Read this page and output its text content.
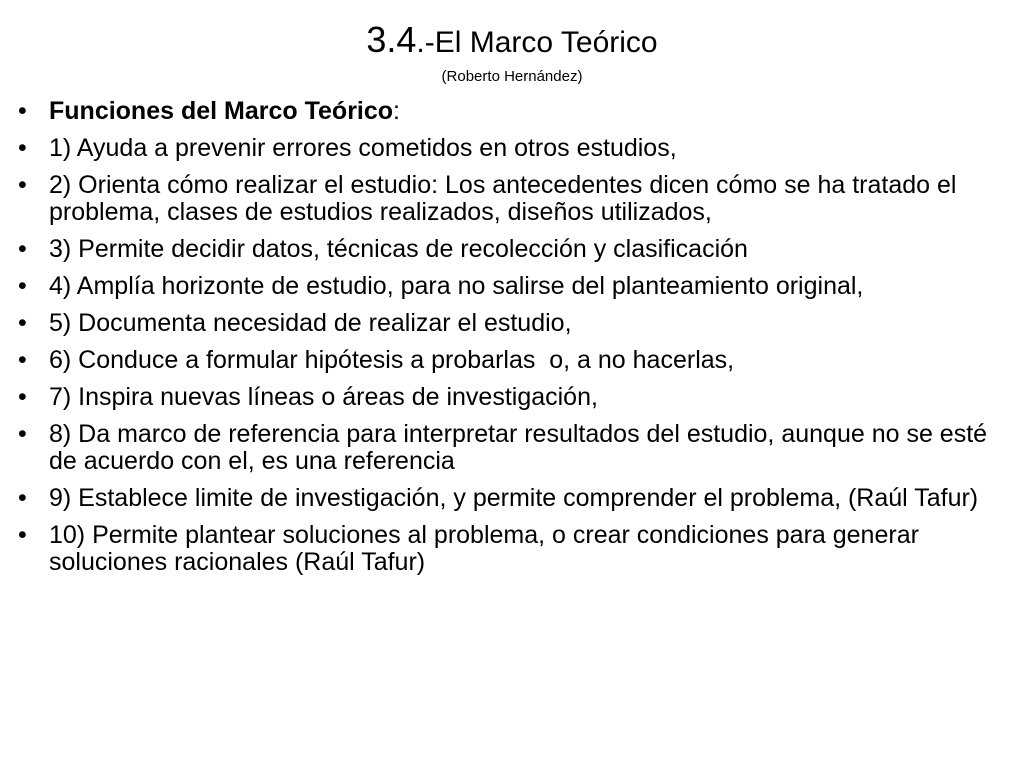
3.4.-El Marco Teórico
(Roberto Hernández)
• Funciones del Marco Teórico:
• 1) Ayuda a prevenir errores cometidos en otros estudios,
• 2) Orienta cómo realizar el estudio: Los antecedentes dicen cómo se ha tratado el problema, clases de estudios realizados, diseños utilizados,
• 3) Permite decidir datos, técnicas de recolección y clasificación
• 4) Amplía horizonte de estudio, para no salirse del planteamiento original,
• 5) Documenta necesidad de realizar el estudio,
• 6) Conduce a formular hipótesis a probarlas  o, a no hacerlas,
• 7) Inspira nuevas líneas o áreas de investigación,
• 8) Da marco de referencia para interpretar resultados del estudio, aunque no se esté de acuerdo con el, es una referencia
• 9) Establece limite de investigación, y permite comprender el problema, (Raúl Tafur)
• 10) Permite plantear soluciones al problema, o crear condiciones para generar soluciones racionales (Raúl Tafur)
